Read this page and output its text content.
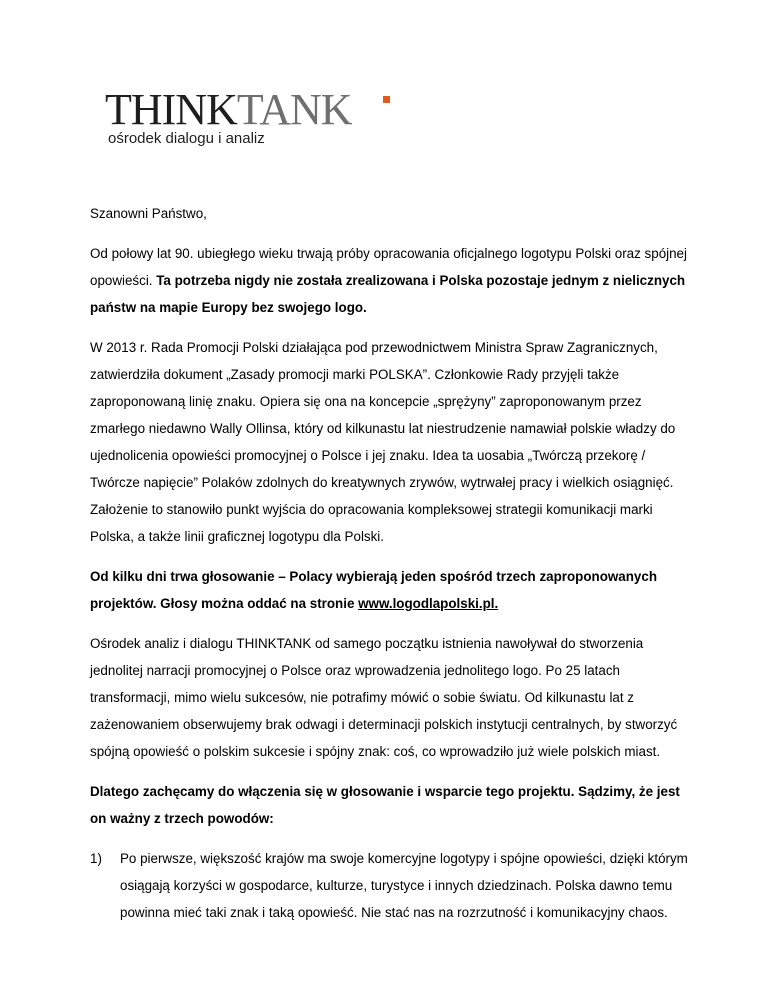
THINKTANK
ośrodek dialogu i analiz

Szanowni Państwo,

Od połowy lat 90. ubiegłego wieku trwają próby opracowania oficjalnego logotypu Polski oraz spójnej opowieści. Ta potrzeba nigdy nie została zrealizowana i Polska pozostaje jednym z nielicznych państw na mapie Europy bez swojego logo.

W 2013 r. Rada Promocji Polski działająca pod przewodnictwem Ministra Spraw Zagranicznych, zatwierdziła dokument „Zasady promocji marki POLSKA”. Członkowie Rady przyjęli także zaproponowaną linię znaku. Opiera się ona na koncepcie „sprężyny” zaproponowanym przez zmarłego niedawno Wally Ollinsa, który od kilkunastu lat niestrudzenie namawiał polskie władzy do ujednolicenia opowieści promocyjnej o Polsce i jej znaku. Idea ta uosabia „Twórczą przekorę / Twórcze napięcie” Polaków zdolnych do kreatywnych zrywów, wytrwałej pracy i wielkich osiągnięć. Założenie to stanowiło punkt wyjścia do opracowania kompleksowej strategii komunikacji marki Polska, a także linii graficznej logotypu dla Polski.

Od kilku dni trwa głosowanie – Polacy wybierają jeden spośród trzech zaproponowanych projektów. Głosy można oddać na stronie www.logodlapolski.pl.

Ośrodek analiz i dialogu THINKTANK od samego początku istnienia nawoływał do stworzenia jednolitej narracji promocyjnej o Polsce oraz wprowadzenia jednolitego logo. Po 25 latach transformacji, mimo wielu sukcesów, nie potrafimy mówić o sobie światu. Od kilkunastu lat z zażenowaniem obserwujemy brak odwagi i determinacji polskich instytucji centralnych, by stworzyć spójną opowieść o polskim sukcesie i spójny znak: coś, co wprowadziło już wiele polskich miast.

Dlatego zachęcamy do włączenia się w głosowanie i wsparcie tego projektu. Sądzimy, że jest on ważny z trzech powodów:

1) Po pierwsze, większość krajów ma swoje komercyjne logotypy i spójne opowieści, dzięki którym osiągają korzyści w gospodarce, kulturze, turystyce i innych dziedzinach. Polska dawno temu powinna mieć taki znak i taką opowieść. Nie stać nas na rozrzutność i komunikacyjny chaos.
